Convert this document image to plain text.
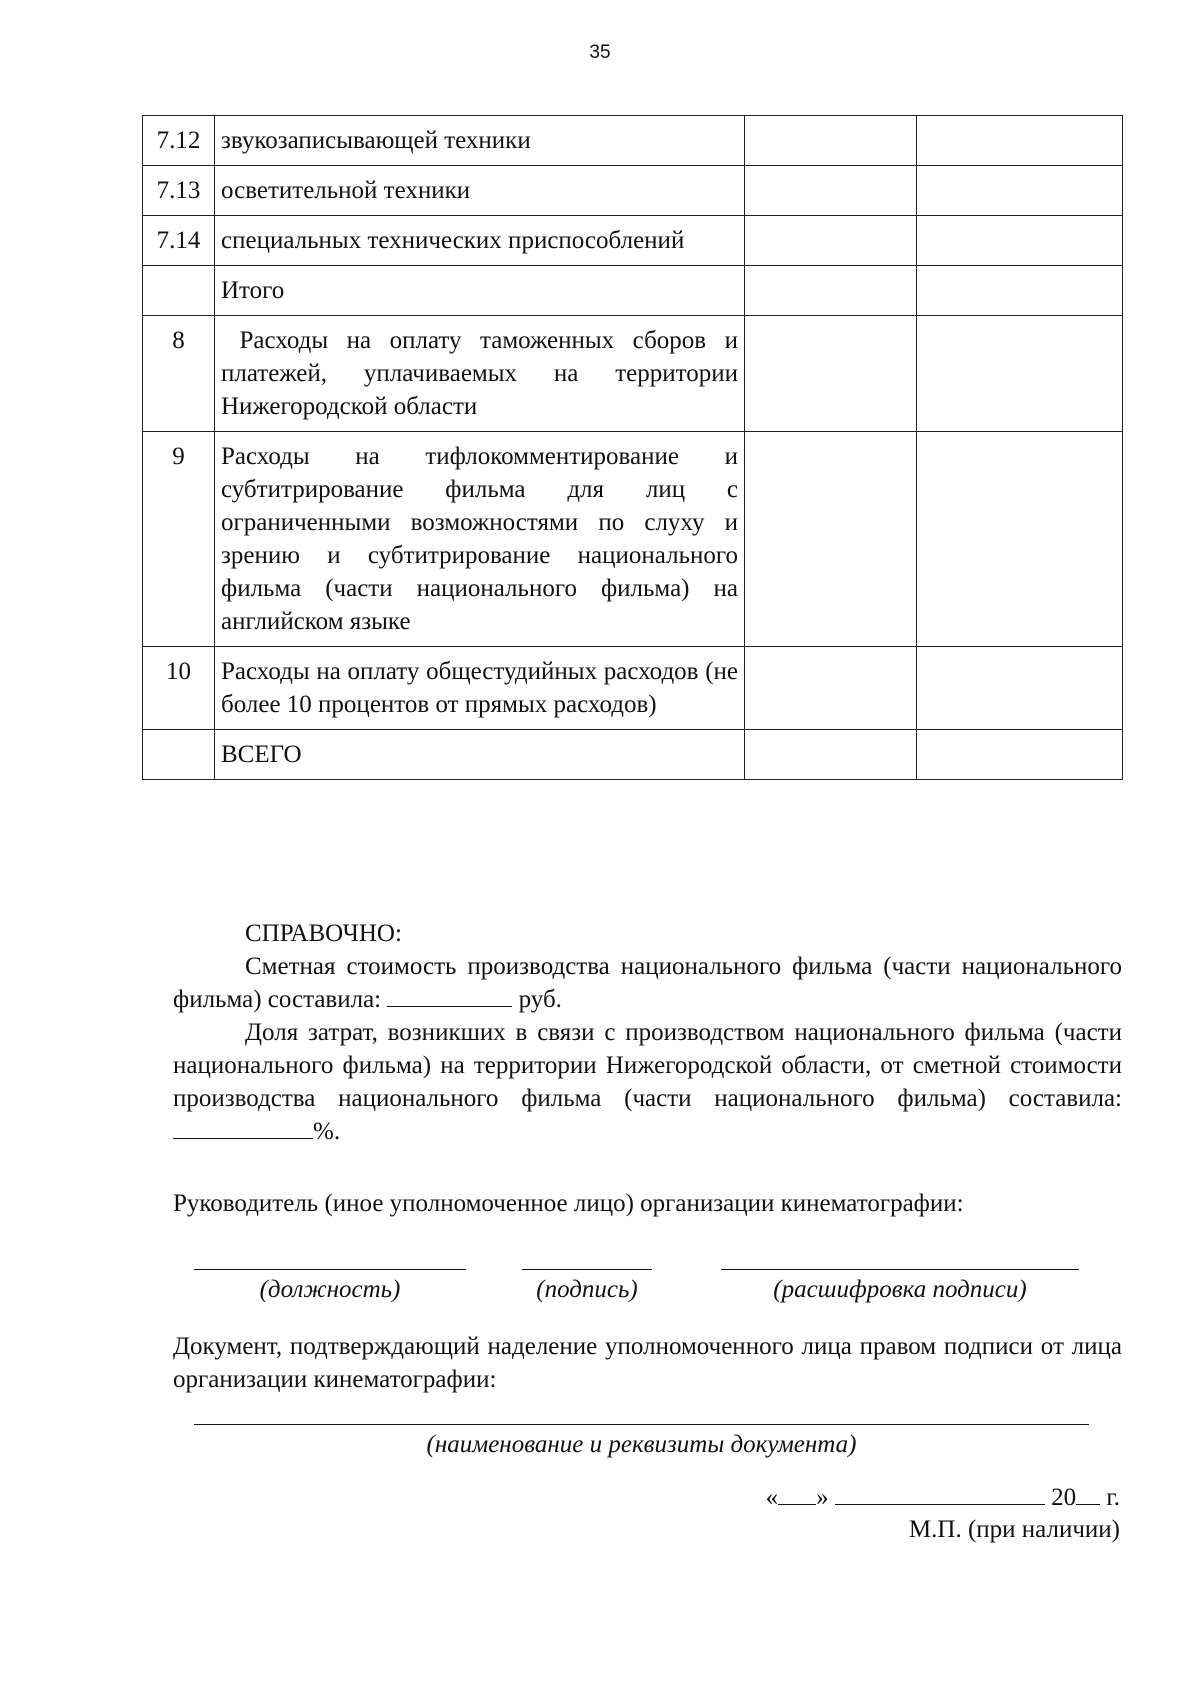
35
7.12	звукозаписывающей техники		
7.13	осветительной техники		
7.14	специальных технических приспособлений		
	Итого		
8	Расходы на оплату таможенных сборов и платежей, уплачиваемых на территории Нижегородской области		
9	Расходы на тифлокомментирование и субтитрирование фильма для лиц с ограниченными возможностями по слуху и зрению и субтитрирование национального фильма (части национального фильма) на английском языке		
10	Расходы на оплату общестудийных расходов (не более 10 процентов от прямых расходов)		
	ВСЕГО		

СПРАВОЧНО:

Сметная стоимость производства национального фильма (части национального фильма) составила:	руб.

Доля затрат, возникших в связи с производством национального фильма (части национального фильма) на территории Нижегородской области, от сметной стоимости производства национального фильма (части национального фильма) составила: %.

Руководитель (иное уполномоченное лицо) организации кинематографии:
(должность)	(подпись)	(расшифровка подписи)

Документ, подтверждающий наделение уполномоченного лица правом подписи от лица организации кинематографии:

(наименование и реквизиты документа)
« »	20 г.
М.П. (при наличии)
